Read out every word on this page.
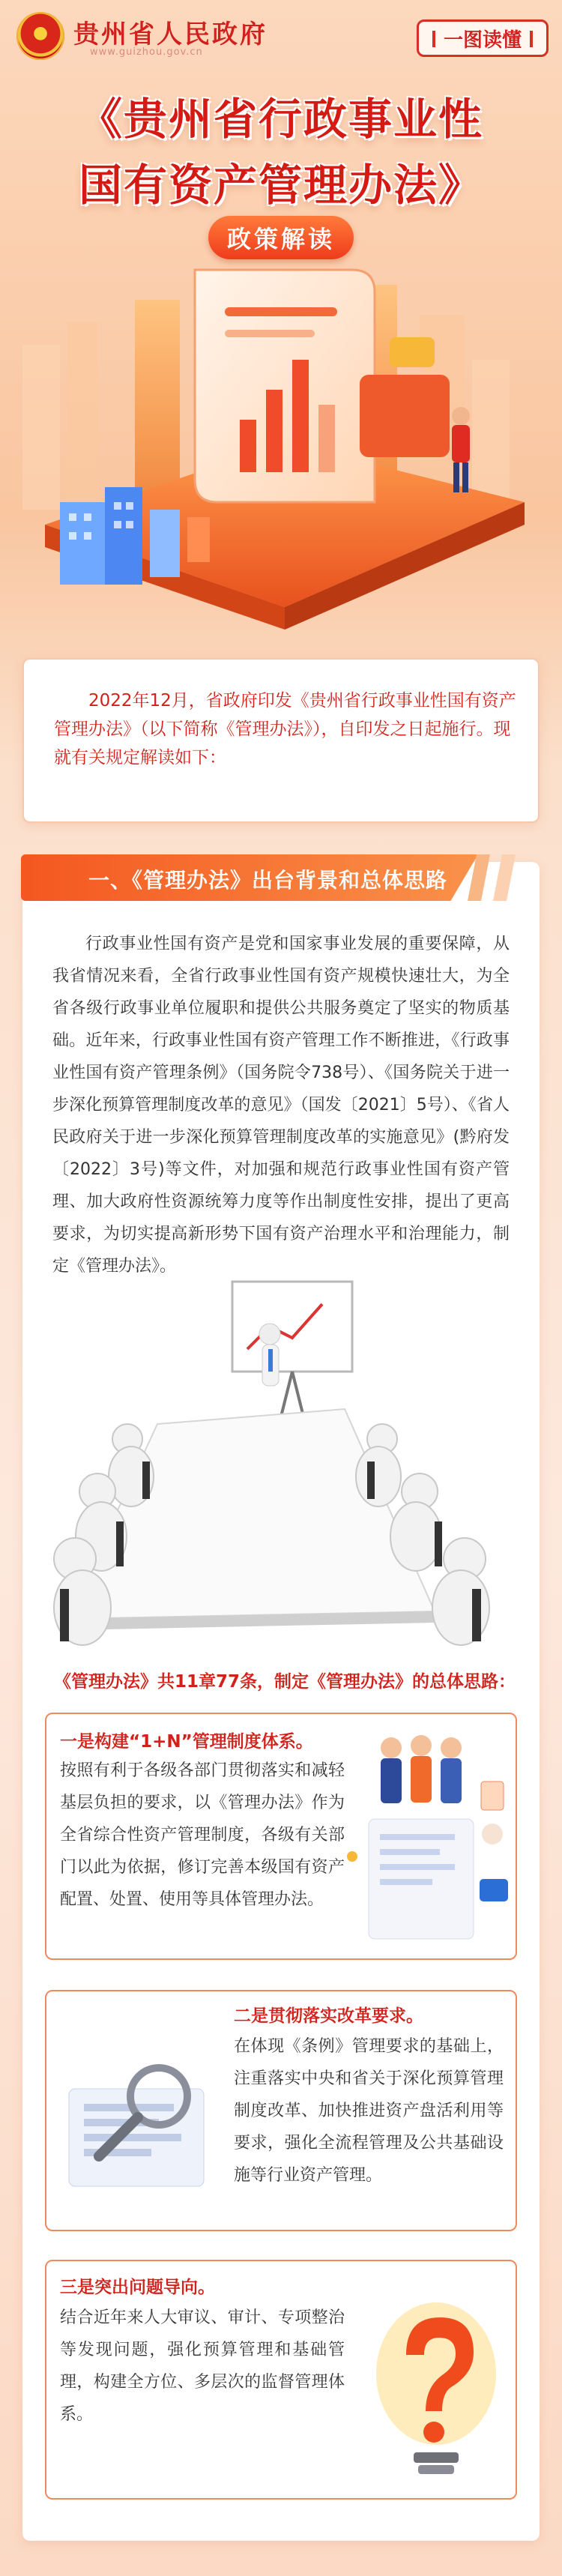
贵州省人民政府
www.guizhou.gov.cn
一图读懂
《贵州省行政事业性
国有资产管理办法》
政策解读

2022年12月，省政府印发《贵州省行政事业性国有资产管理办法》（以下简称《管理办法》），自印发之日起施行。现就有关规定解读如下：

一、《管理办法》出台背景和总体思路
行政事业性国有资产是党和国家事业发展的重要保障，从我省情况来看，全省行政事业性国有资产规模快速壮大，为全省各级行政事业单位履职和提供公共服务奠定了坚实的物质基础。近年来，行政事业性国有资产管理工作不断推进，《行政事业性国有资产管理条例》（国务院令738号）、《国务院关于进一步深化预算管理制度改革的意见》（国发〔2021〕5号）、《省人民政府关于进一步深化预算管理制度改革的实施意见》(黔府发〔2022〕3号)等文件，对加强和规范行政事业性国有资产管理、加大政府性资源统筹力度等作出制度性安排，提出了更高要求，为切实提高新形势下国有资产治理水平和治理能力，制定《管理办法》。
《管理办法》共11章77条，制定《管理办法》的总体思路：
一是构建“1+N”管理制度体系。
按照有利于各级各部门贯彻落实和减轻基层负担的要求，以《管理办法》作为全省综合性资产管理制度，各级有关部门以此为依据，修订完善本级国有资产配置、处置、使用等具体管理办法。
二是贯彻落实改革要求。
在体现《条例》管理要求的基础上，注重落实中央和省关于深化预算管理制度改革、加快推进资产盘活利用等要求，强化全流程管理及公共基础设施等行业资产管理。
三是突出问题导向。
结合近年来人大审议、审计、专项整治等发现问题，强化预算管理和基础管理，构建全方位、多层次的监督管理体系。
